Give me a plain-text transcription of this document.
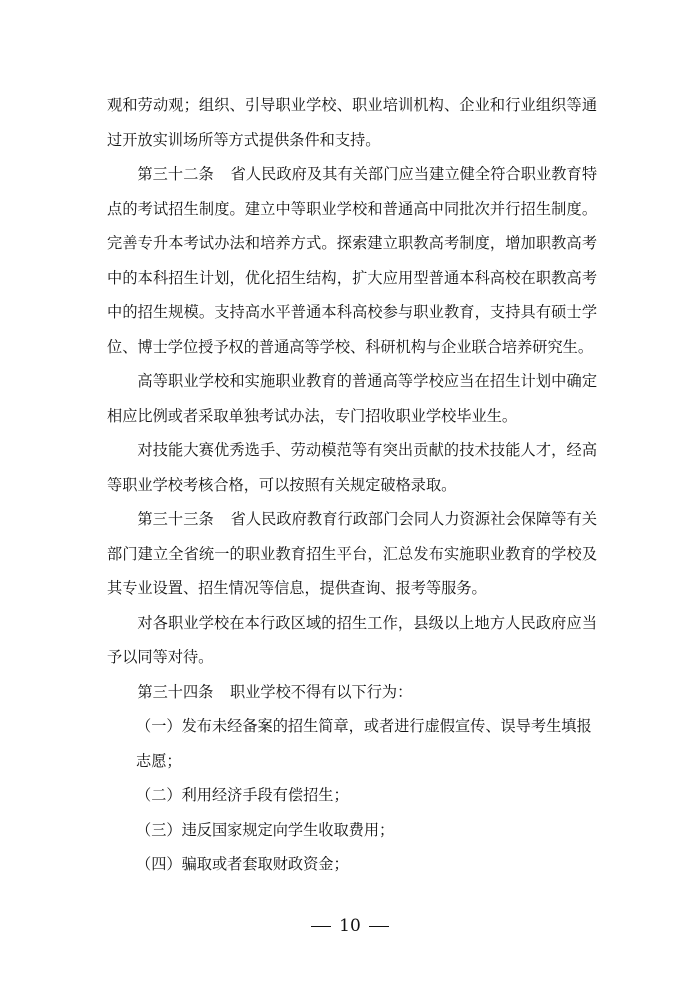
观和劳动观；组织、引导职业学校、职业培训机构、企业和行业组织等通过开放实训场所等方式提供条件和支持。

第三十二条 省人民政府及其有关部门应当建立健全符合职业教育特点的考试招生制度。建立中等职业学校和普通高中同批次并行招生制度。完善专升本考试办法和培养方式。探索建立职教高考制度，增加职教高考中的本科招生计划，优化招生结构，扩大应用型普通本科高校在职教高考中的招生规模。支持高水平普通本科高校参与职业教育，支持具有硕士学位、博士学位授予权的普通高等学校、科研机构与企业联合培养研究生。

高等职业学校和实施职业教育的普通高等学校应当在招生计划中确定相应比例或者采取单独考试办法，专门招收职业学校毕业生。

对技能大赛优秀选手、劳动模范等有突出贡献的技术技能人才，经高等职业学校考核合格，可以按照有关规定破格录取。

第三十三条 省人民政府教育行政部门会同人力资源社会保障等有关部门建立全省统一的职业教育招生平台，汇总发布实施职业教育的学校及其专业设置、招生情况等信息，提供查询、报考等服务。

对各职业学校在本行政区域的招生工作，县级以上地方人民政府应当予以同等对待。

第三十四条 职业学校不得有以下行为：

（一）发布未经备案的招生简章，或者进行虚假宣传、误导考生填报志愿；

（二）利用经济手段有偿招生；

（三）违反国家规定向学生收取费用；

（四）骗取或者套取财政资金；

10
